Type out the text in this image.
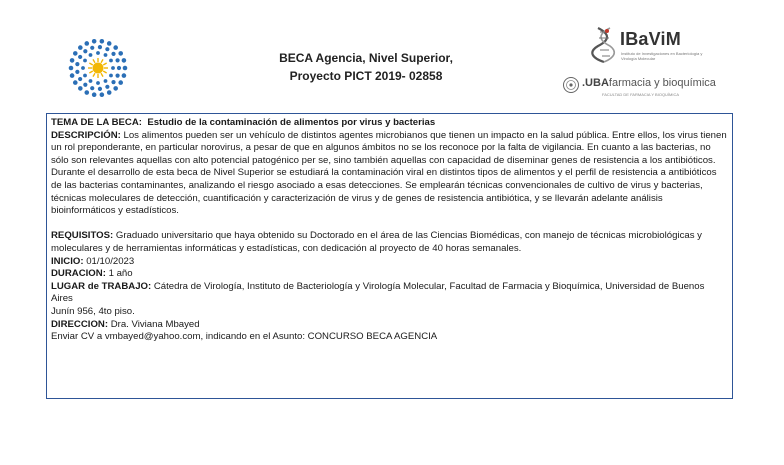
BECA Agencia, Nivel Superior,
Proyecto PICT 2019- 02858
IBaViM
Instituto de Investigaciones en Bacteriología y Virología Molecular
.UBAfarmacia y bioquímica
FACULTAD DE FARMACIA Y BIOQUÍMICA

TEMA DE LA BECA: Estudio de la contaminación de alimentos por virus y bacterias

DESCRIPCIÓN: Los alimentos pueden ser un vehículo de distintos agentes microbianos que tienen un impacto en la salud pública. Entre ellos, los virus tienen un rol preponderante, en particular norovirus, a pesar de que en algunos ámbitos no se los reconoce por la falta de vigilancia. En cuanto a las bacterias, no sólo son relevantes aquellas con alto potencial patogénico per se, sino también aquellas con capacidad de diseminar genes de resistencia a los antibióticos.

Durante el desarrollo de esta beca de Nivel Superior se estudiará la contaminación viral en distintos tipos de alimentos y el perfil de resistencia a antibióticos de las bacterias contaminantes, analizando el riesgo asociado a esas detecciones. Se emplearán técnicas convencionales de cultivo de virus y bacterias, técnicas moleculares de detección, cuantificación y caracterización de virus y de genes de resistencia antibiótica, y se llevarán adelante análisis bioinformáticos y estadísticos.

REQUISITOS: Graduado universitario que haya obtenido su Doctorado en el área de las Ciencias Biomédicas, con manejo de técnicas microbiológicas y moleculares y de herramientas informáticas y estadísticas, con dedicación al proyecto de 40 horas semanales.

INICIO: 01/10/2023

DURACION: 1 año

LUGAR de TRABAJO: Cátedra de Virología, Instituto de Bacteriología y Virología Molecular, Facultad de Farmacia y Bioquímica, Universidad de Buenos Aires

Junín 956, 4to piso.

DIRECCION: Dra. Viviana Mbayed

Enviar CV a vmbayed@yahoo.com, indicando en el Asunto: CONCURSO BECA AGENCIA
